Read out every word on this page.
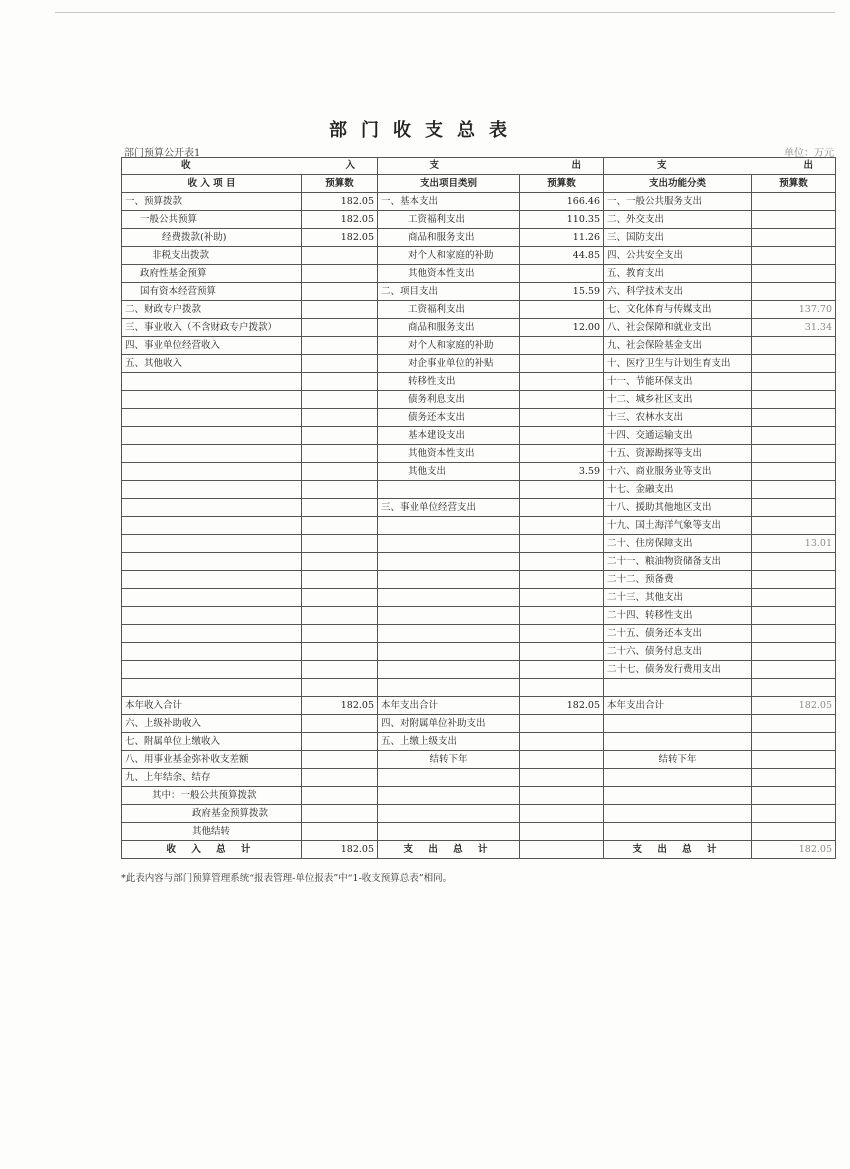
部门收支总表
部门预算公开表1	单位：万元
收 入		支 出		支 出	

收 入 项 目	预算数	支出项目类别	预算数	支出功能分类	预算数
一、预算拨款	182.05	一、基本支出	166.46	一、一般公共服务支出	
一般公共预算	182.05	工资福利支出	110.35	二、外交支出	
经费拨款(补助)	182.05	商品和服务支出	11.26	三、国防支出	
非税支出拨款		对个人和家庭的补助	44.85	四、公共安全支出	
政府性基金预算		其他资本性支出		五、教育支出	
国有资本经营预算		二、项目支出	15.59	六、科学技术支出	
二、财政专户拨款		工资福利支出		七、文化体育与传媒支出	137.70
三、事业收入（不含财政专户拨款）		商品和服务支出	12.00	八、社会保障和就业支出	31.34
四、事业单位经营收入		对个人和家庭的补助		九、社会保险基金支出	
五、其他收入		对企事业单位的补贴		十、医疗卫生与计划生育支出	
		转移性支出		十一、节能环保支出	
		债务利息支出		十二、城乡社区支出	
		债务还本支出		十三、农林水支出	
		基本建设支出		十四、交通运输支出	
		其他资本性支出		十五、资源勘探等支出	
		其他支出	3.59	十六、商业服务业等支出	
				十七、金融支出	
		三、事业单位经营支出		十八、援助其他地区支出	
				十九、国土海洋气象等支出	
				二十、住房保障支出	13.01
				二十一、粮油物资储备支出	
				二十二、预备费	
				二十三、其他支出	
				二十四、转移性支出	
				二十五、债务还本支出	
				二十六、债务付息支出	
				二十七、债务发行费用支出	

本年收入合计	182.05	本年支出合计	182.05	本年支出合计	182.05
六、上级补助收入		四、对附属单位补助支出			
七、附属单位上缴收入		五、上缴上级支出			
八、用事业基金弥补收支差额		结转下年		结转下年	
九、上年结余、结存					
其中：一般公共预算拨款					
政府基金预算拨款					
其他结转					
收 入 总 计	182.05	支 出 总 计		支 出 总 计	182.05
*此表内容与部门预算管理系统“报表管理-单位报表”中“1-收支预算总表”相同。
